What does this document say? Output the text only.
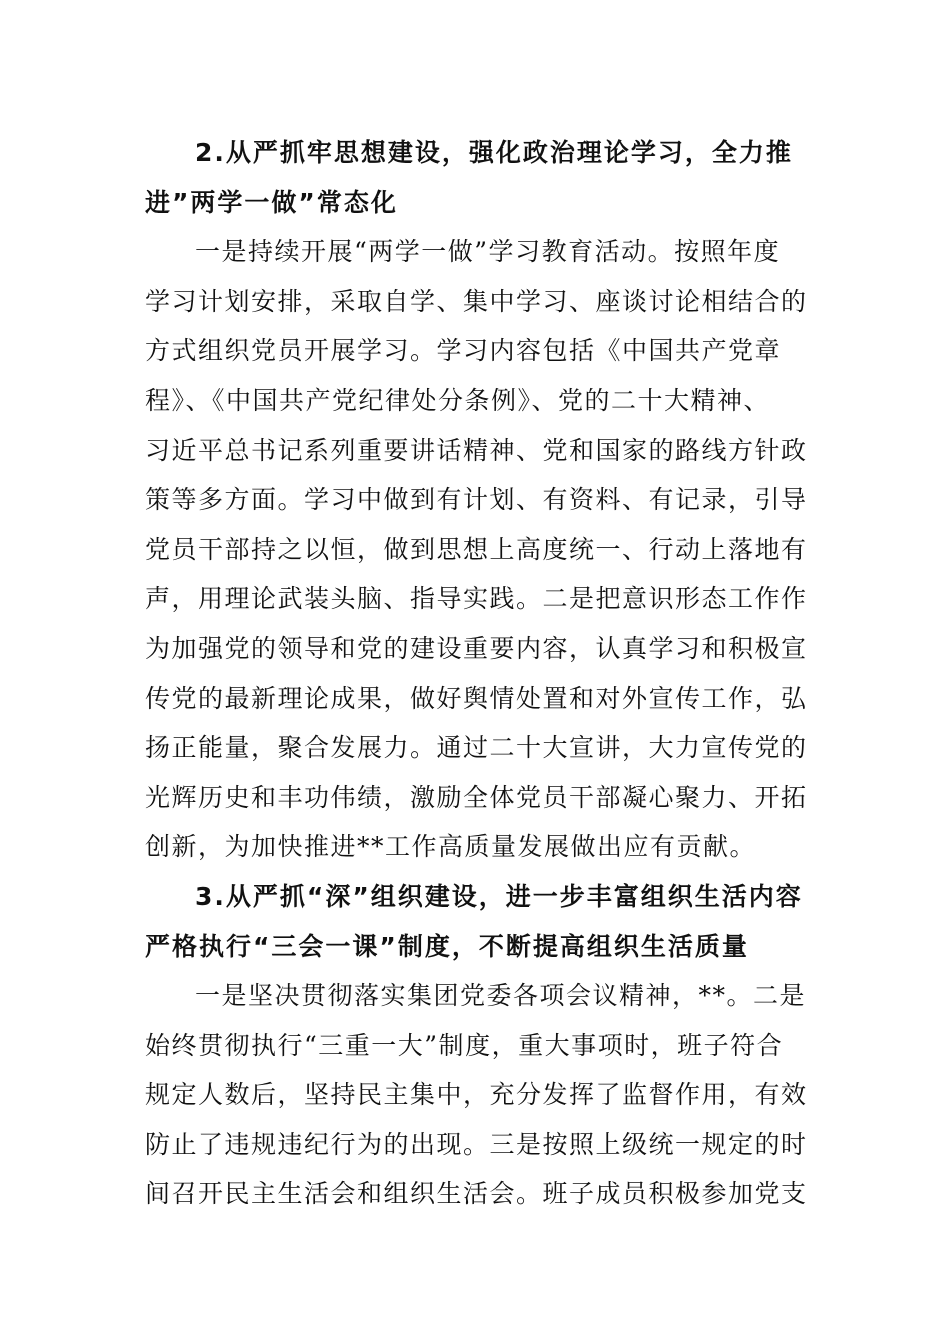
2.从严抓牢思想建设，强化政治理论学习，全力推
进”两学一做”常态化

一是持续开展“两学一做”学习教育活动。按照年度
学习计划安排，采取自学、集中学习、座谈讨论相结合的
方式组织党员开展学习。学习内容包括《中国共产党章
程》、《中国共产党纪律处分条例》、党的二十大精神、
习近平总书记系列重要讲话精神、党和国家的路线方针政
策等多方面。学习中做到有计划、有资料、有记录，引导
党员干部持之以恒，做到思想上高度统一、行动上落地有
声，用理论武装头脑、指导实践。二是把意识形态工作作
为加强党的领导和党的建设重要内容，认真学习和积极宣
传党的最新理论成果，做好舆情处置和对外宣传工作，弘
扬正能量，聚合发展力。通过二十大宣讲，大力宣传党的
光辉历史和丰功伟绩，激励全体党员干部凝心聚力、开拓
创新，为加快推进**工作高质量发展做出应有贡献。

3.从严抓“深”组织建设，进一步丰富组织生活内容
严格执行“三会一课”制度，不断提高组织生活质量

一是坚决贯彻落实集团党委各项会议精神，**。二是
始终贯彻执行“三重一大”制度，重大事项时，班子符合
规定人数后，坚持民主集中，充分发挥了监督作用，有效
防止了违规违纪行为的出现。三是按照上级统一规定的时
间召开民主生活会和组织生活会。班子成员积极参加党支
